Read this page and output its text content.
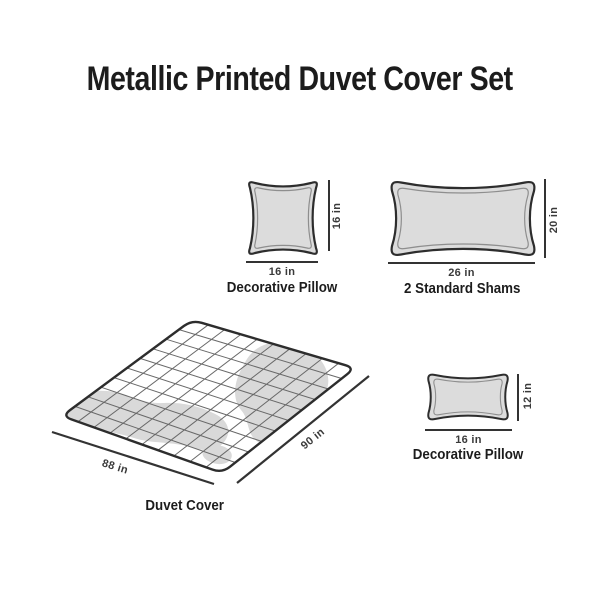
Metallic Printed Duvet Cover Set
16 in
16 in
Decorative Pillow
20 in
26 in
2 Standard Shams
12 in
16 in
Decorative Pillow
88 in
90 in
Duvet Cover
